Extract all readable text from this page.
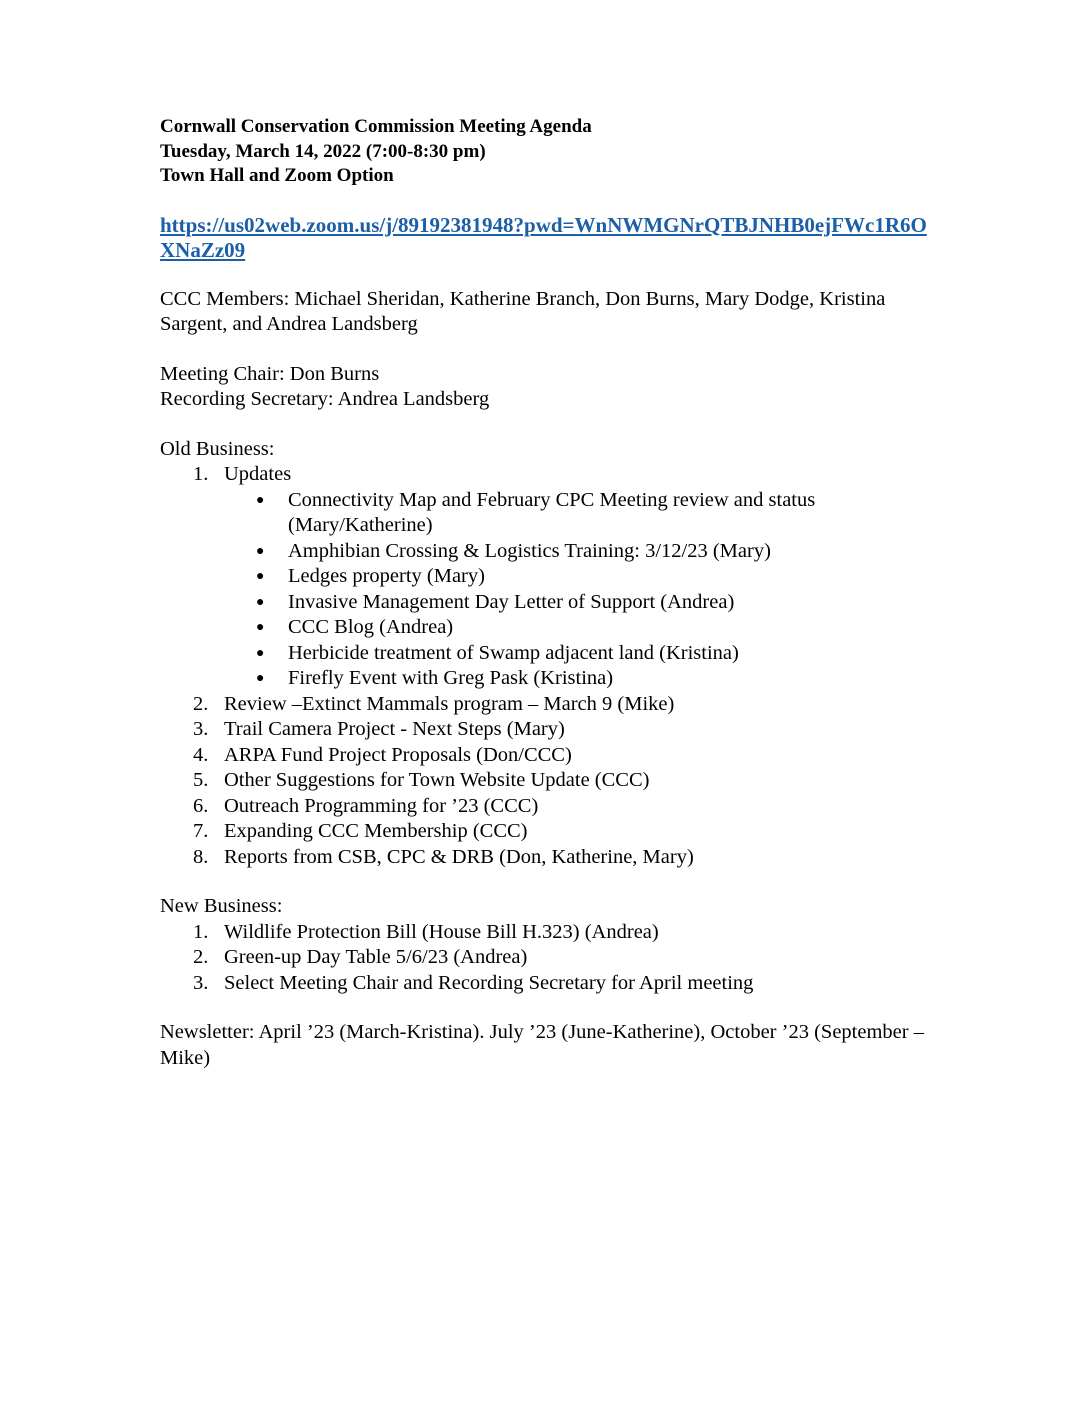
Cornwall Conservation Commission Meeting Agenda
Tuesday, March 14, 2022 (7:00-8:30 pm)
Town Hall and Zoom Option
https://us02web.zoom.us/j/89192381948?pwd=WnNWMGNrQTBJNHB0ejFWc1R6OXNaZz09
CCC Members: Michael Sheridan, Katherine Branch, Don Burns, Mary Dodge, Kristina Sargent, and Andrea Landsberg
Meeting Chair: Don Burns
Recording Secretary: Andrea Landsberg
Old Business:
1. Updates
● Connectivity Map and February CPC Meeting review and status (Mary/Katherine)
● Amphibian Crossing & Logistics Training: 3/12/23 (Mary)
● Ledges property (Mary)
● Invasive Management Day Letter of Support (Andrea)
● CCC Blog (Andrea)
● Herbicide treatment of Swamp adjacent land (Kristina)
● Firefly Event with Greg Pask (Kristina)
2. Review –Extinct Mammals program – March 9 (Mike)
3. Trail Camera Project - Next Steps (Mary)
4. ARPA Fund Project Proposals (Don/CCC)
5. Other Suggestions for Town Website Update (CCC)
6. Outreach Programming for ’23 (CCC)
7. Expanding CCC Membership (CCC)
8. Reports from CSB, CPC & DRB (Don, Katherine, Mary)
New Business:
1. Wildlife Protection Bill (House Bill H.323) (Andrea)
2. Green-up Day Table 5/6/23 (Andrea)
3. Select Meeting Chair and Recording Secretary for April meeting
Newsletter: April ’23 (March-Kristina). July ’23 (June-Katherine), October ’23 (September – Mike)
